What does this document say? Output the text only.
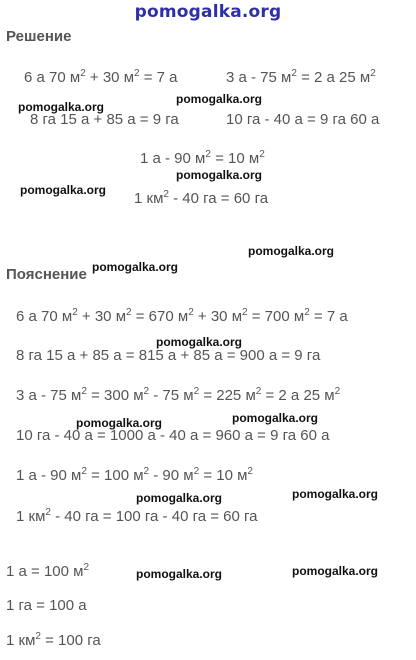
pomogalka.org
Решение
Пояснение
6 а 70 $м^2 + 30$ $м^2 = 7$ а	3 а - 75 $м^2 = 2$ а 25 $м^2$
8 га 15 а + 85 а = 9 га	10 га - 40 а = 9 га 60 а
1 а - 90 $м^2 = 10$ $м^2$
1 $км^2 - 40$ га = 60 га
6 а 70 $м^2 + 30$ $м^2 = 670$ $м^2 + 30$ $м^2 = 700$ $м^2 = 7$ а
8 га 15 а + 85 а = 815 а + 85 а = 900 а = 9 га
3 а - 75 $м^2 = 300$ $м^2 - 75$ $м^2 = 225$ $м^2 = 2$ а 25 $м^2$
10 га - 40 а = 1000 а - 40 а = 960 а = 9 га 60 а
1 а - 90 $м^2 = 100$ $м^2 - 90$ $м^2 = 10$ $м^2$
1 $км^2 - 40$ га = 100 га - 40 га = 60 га
1 а = 100 $м^2$
1 га = 100 а
1 $км^2 = 100$ га
pomogalka.org
pomogalka.org
pomogalka.org
pomogalka.org
pomogalka.org
pomogalka.org
pomogalka.org
pomogalka.org	pomogalka.org
pomogalka.org	pomogalka.org
pomogalka.org	pomogalka.org
